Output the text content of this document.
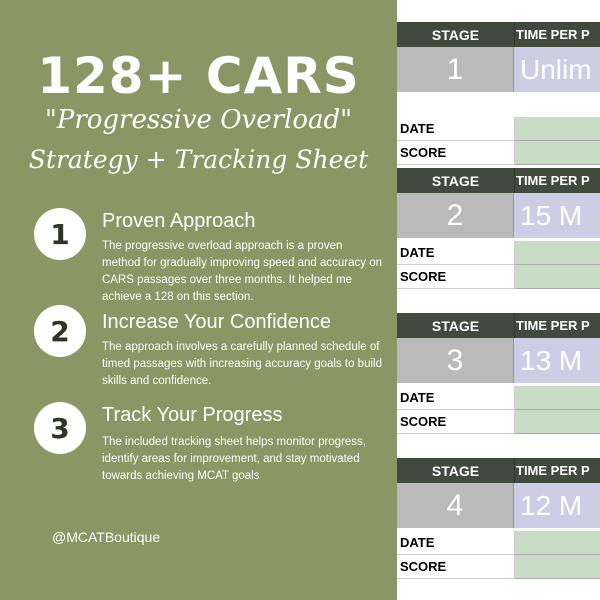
128+ CARS
"Progressive Overload"
Strategy + Tracking Sheet
1	Proven Approach
The progressive overload approach is a proven method for gradually improving speed and accuracy on CARS passages over three months. It helped me achieve a 128 on this section.
2	Increase Your Confidence
The approach involves a carefully planned schedule of timed passages with increasing accuracy goals to build skills and confidence.
3	Track Your Progress
The included tracking sheet helps monitor progress, identify areas for improvement, and stay motivated towards achieving MCAT goals
@MCATBoutique
STAGE	TIME PER P
1	Unlim
DATE
SCORE
STAGE	TIME PER P
2	15 M
DATE
SCORE
STAGE	TIME PER P
3	13 M
DATE
SCORE
STAGE	TIME PER P
4	12 M
DATE
SCORE
